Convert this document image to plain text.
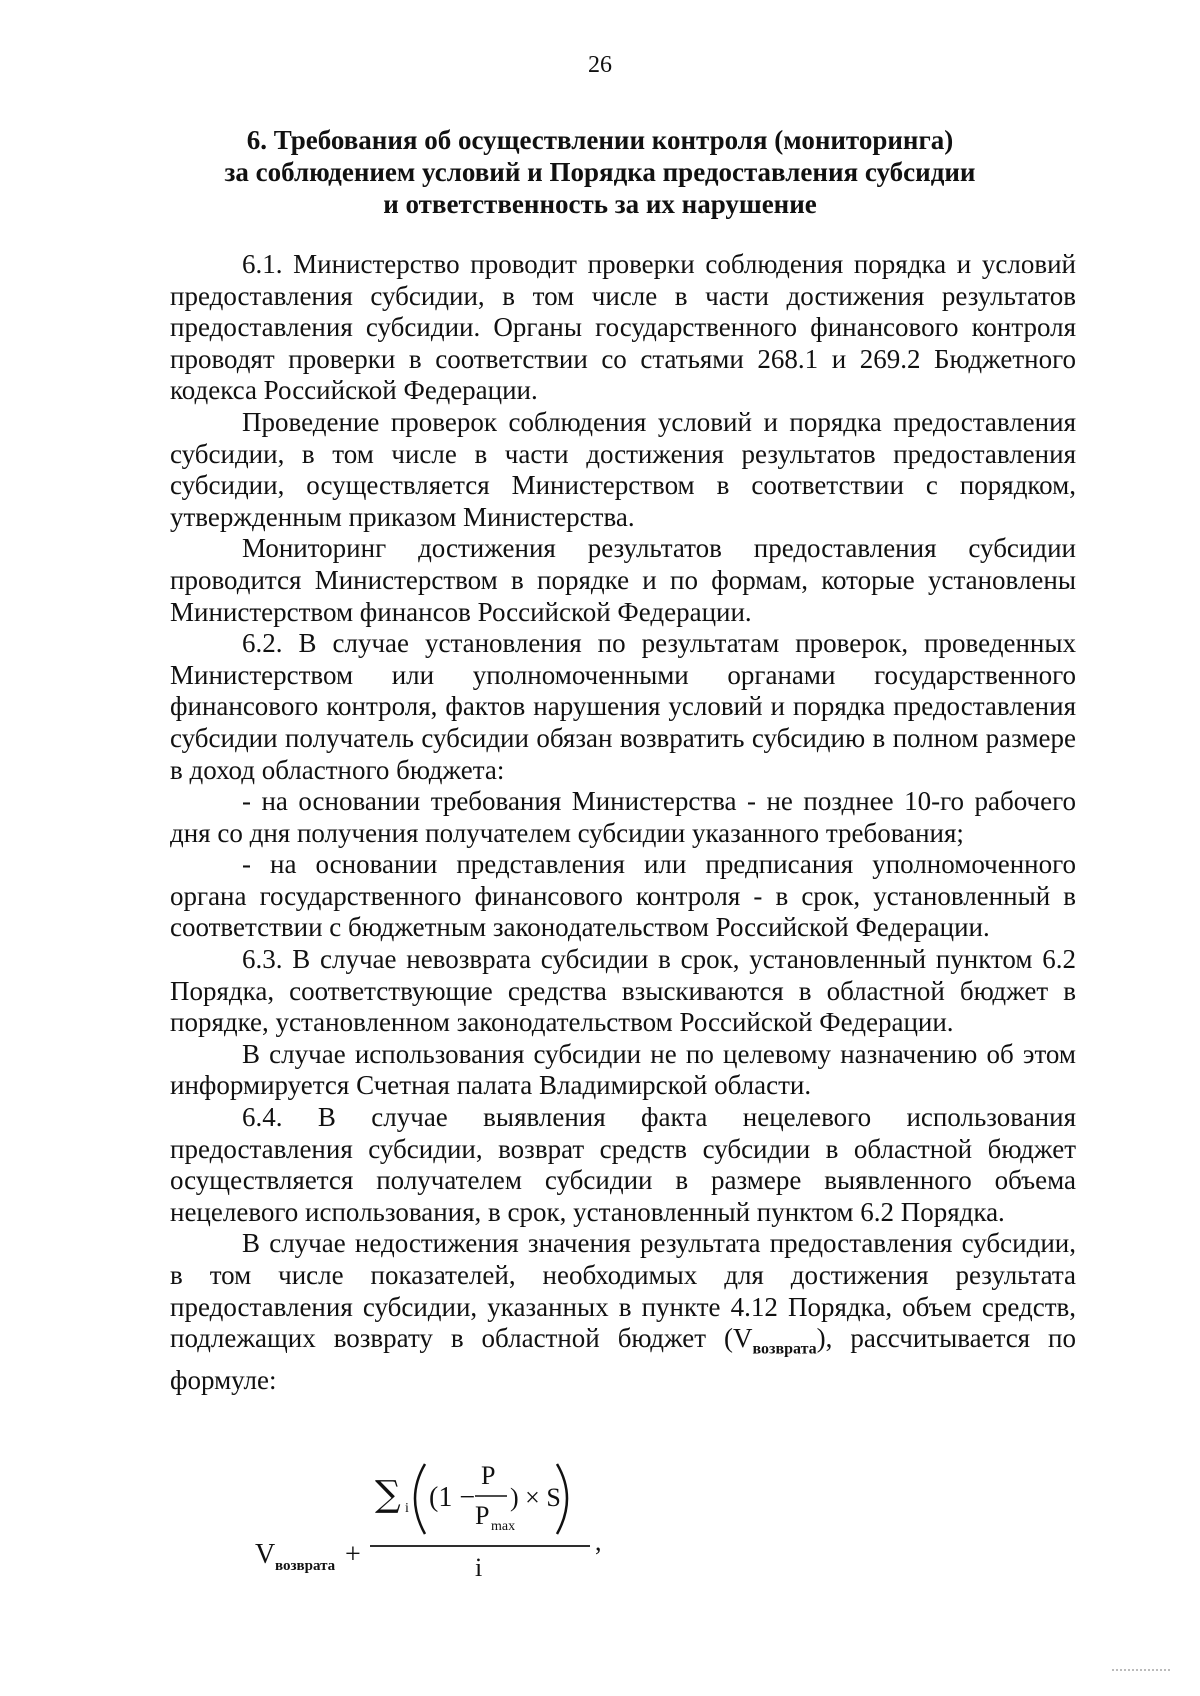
26
6. Требования об осуществлении контроля (мониторинга)
за соблюдением условий и Порядка предоставления субсидии
и ответственность за их нарушение

6.1. Министерство проводит проверки соблюдения порядка и условий предоставления субсидии, в том числе в части достижения результатов предоставления субсидии. Органы государственного финансового контроля проводят проверки в соответствии со статьями 268.1 и 269.2 Бюджетного кодекса Российской Федерации.

Проведение проверок соблюдения условий и порядка предоставления субсидии, в том числе в части достижения результатов предоставления субсидии, осуществляется Министерством в соответствии с порядком, утвержденным приказом Министерства.

Мониторинг достижения результатов предоставления субсидии проводится Министерством в порядке и по формам, которые установлены Министерством финансов Российской Федерации.

6.2. В случае установления по результатам проверок, проведенных Министерством или уполномоченными органами государственного финансового контроля, фактов нарушения условий и порядка предоставления субсидии получатель субсидии обязан возвратить субсидию в полном размере в доход областного бюджета:

- на основании требования Министерства - не позднее 10-го рабочего дня со дня получения получателем субсидии указанного требования;

- на основании представления или предписания уполномоченного органа государственного финансового контроля - в срок, установленный в соответствии с бюджетным законодательством Российской Федерации.

6.3. В случае невозврата субсидии в срок, установленный пунктом 6.2 Порядка, соответствующие средства взыскиваются в областной бюджет в порядке, установленном законодательством Российской Федерации.

В случае использования субсидии не по целевому назначению об этом информируется Счетная палата Владимирской области.

6.4. В случае выявления факта нецелевого использования предоставления субсидии, возврат средств субсидии в областной бюджет осуществляется получателем субсидии в размере выявленного объема нецелевого использования, в срок, установленный пунктом 6.2 Порядка.

В случае недостижения значения результата предоставления субсидии, в том числе показателей, необходимых для достижения результата предоставления субсидии, указанных в пункте 4.12 Порядка, объем средств, подлежащих возврату в областной бюджет $(V_{возврата})$, рассчитывается по формуле:

V возврата +
∑ i (1 −
P
P max
) × S
i
,
